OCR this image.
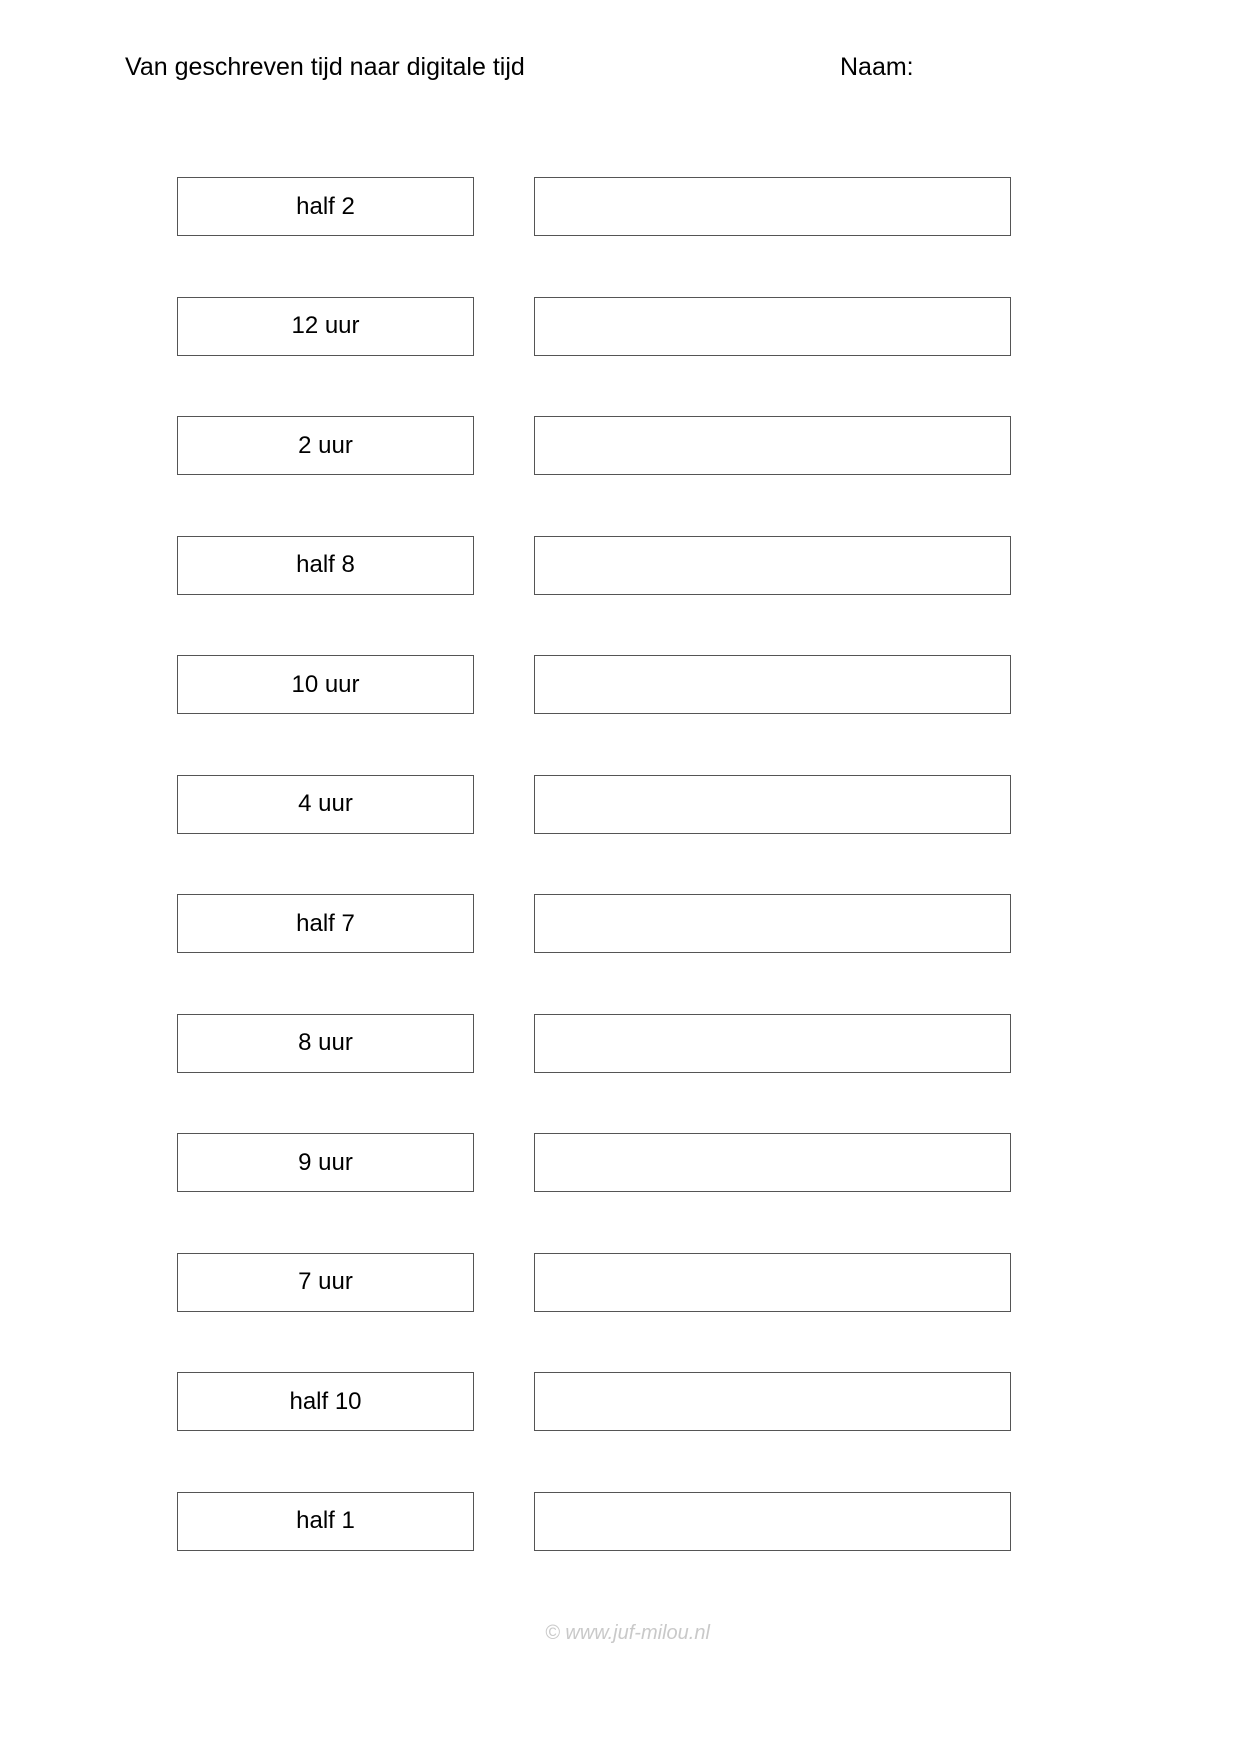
Van geschreven tijd naar digitale tijd	Naam:
half 2
12 uur
2 uur
half 8
10 uur
4 uur
half 7
8 uur
9 uur
7 uur
half 10
half 1
© www.juf-milou.nl
